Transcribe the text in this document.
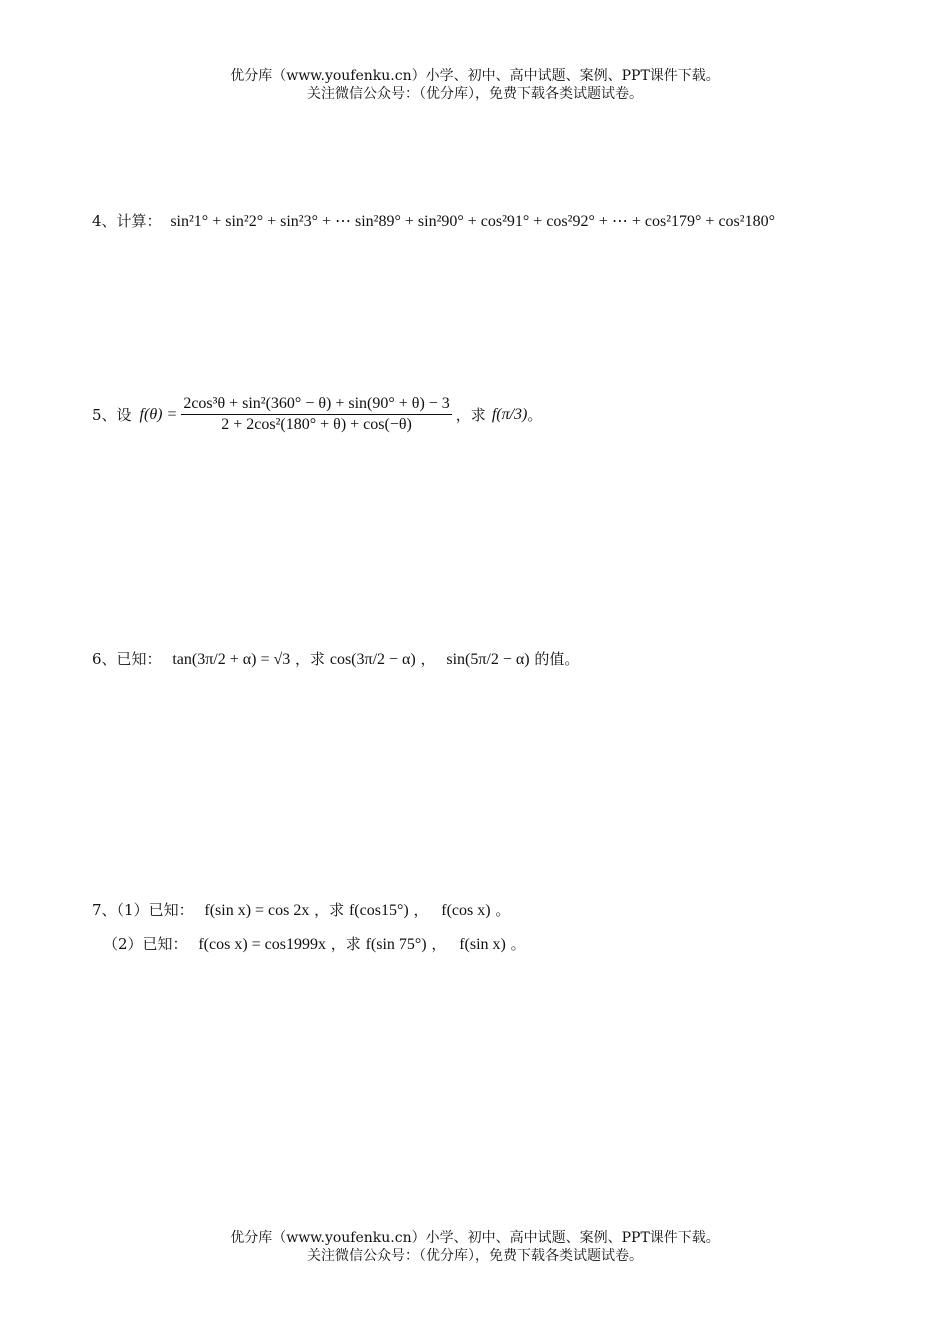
优分库（www.youfenku.cn）小学、初中、高中试题、案例、PPT课件下载。
关注微信公众号：（优分库），免费下载各类试题试卷。
4、计算： sin²1° + sin²2° + sin²3° + ⋯ sin²89° + sin²90° + cos²91° + cos²92° + ⋯ + cos²179° + cos²180°
5、设 $f(\theta) = \frac{\text{2cos³θ + sin²(360° − θ) + sin(90° + θ) − 3}}{\text{2 + 2cos²(180° + θ) + cos(−θ)}}$ ，求 f(π/3) 。
6、已知： tan(3π/2 + α) = √3 ，求 cos(3π/2 − α) ， sin(5π/2 − α) 的值。
7、（1）已知： f(sin x) = cos 2x ，求 f(cos15°) ， f(cos x) 。
（2）已知： f(cos x) = cos1999x ，求 f(sin 75°) ， f(sin x) 。
优分库（www.youfenku.cn）小学、初中、高中试题、案例、PPT课件下载。
关注微信公众号：（优分库），免费下载各类试题试卷。
